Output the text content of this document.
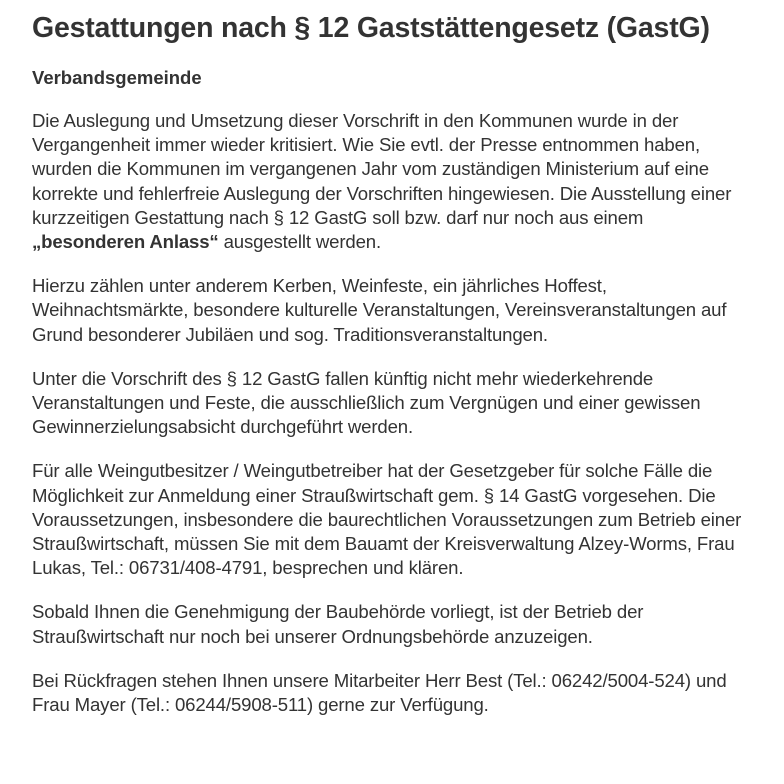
Gestattungen nach § 12 Gaststättengesetz (GastG)
Verbandsgemeinde

Die Auslegung und Umsetzung dieser Vorschrift in den Kommunen wurde in der Vergangenheit immer wieder kritisiert. Wie Sie evtl. der Presse entnommen haben, wurden die Kommunen im vergangenen Jahr vom zuständigen Ministerium auf eine korrekte und fehlerfreie Auslegung der Vorschriften hingewiesen. Die Ausstellung einer kurzzeitigen Gestattung nach § 12 GastG soll bzw. darf nur noch aus einem „besonderen Anlass“ ausgestellt werden.

Hierzu zählen unter anderem Kerben, Weinfeste, ein jährliches Hoffest, Weihnachtsmärkte, besondere kulturelle Veranstaltungen, Vereinsveranstaltungen auf Grund besonderer Jubiläen und sog. Traditionsveranstaltungen.

Unter die Vorschrift des § 12 GastG fallen künftig nicht mehr wiederkehrende Veranstaltungen und Feste, die ausschließlich zum Vergnügen und einer gewissen Gewinnerzielungsabsicht durchgeführt werden.

Für alle Weingutbesitzer / Weingutbetreiber hat der Gesetzgeber für solche Fälle die Möglichkeit zur Anmeldung einer Straußwirtschaft gem. § 14 GastG vorgesehen. Die Voraussetzungen, insbesondere die baurechtlichen Voraussetzungen zum Betrieb einer Straußwirtschaft, müssen Sie mit dem Bauamt der Kreisverwaltung Alzey-Worms, Frau Lukas, Tel.: 06731/408-4791, besprechen und klären.

Sobald Ihnen die Genehmigung der Baubehörde vorliegt, ist der Betrieb der Straußwirtschaft nur noch bei unserer Ordnungsbehörde anzuzeigen.

Bei Rückfragen stehen Ihnen unsere Mitarbeiter Herr Best (Tel.: 06242/5004-524) und Frau Mayer (Tel.: 06244/5908-511) gerne zur Verfügung.
